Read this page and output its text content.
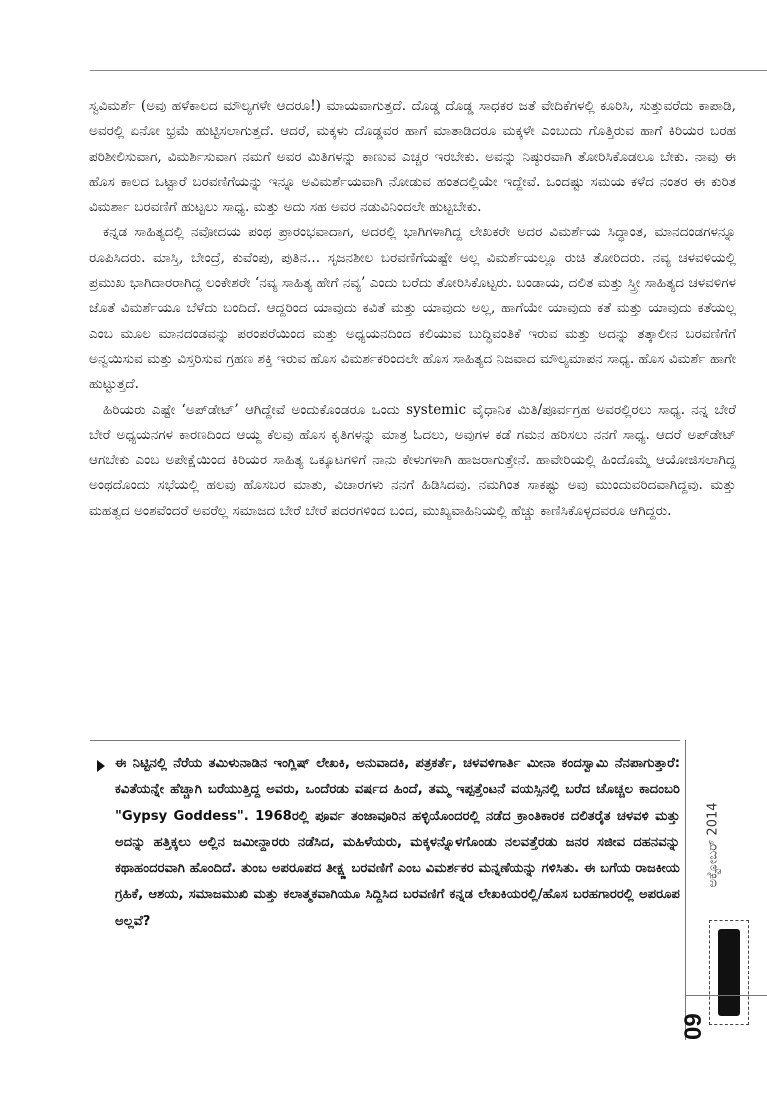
ಸ್ವವಿಮರ್ಶೆ (ಅವು ಹಳೆಕಾಲದ ಮೌಲ್ಯಗಳೇ ಆದರೂ!) ಮಾಯವಾಗುತ್ತದೆ. ದೊಡ್ಡ ದೊಡ್ಡ ಸಾಧಕರ ಜತೆ ವೇದಿಕೆಗಳಲ್ಲಿ ಕೂರಿಸಿ, ಸುತ್ತುವರೆದು ಕಾಪಾಡಿ, ಅವರಲ್ಲಿ ಏನೋ ಭ್ರಮೆ ಹುಟ್ಟಿಸಲಾಗುತ್ತದೆ. ಆದರೆ, ಮಕ್ಕಳು ದೊಡ್ಡವರ ಹಾಗೆ ಮಾತಾಡಿದರೂ ಮಕ್ಕಳೇ ಎಂಬುದು ಗೊತ್ತಿರುವ ಹಾಗೆ ಕಿರಿಯರ ಬರಹ ಪರಿಶೀಲಿಸುವಾಗ, ವಿಮರ್ಶಿಸುವಾಗ ನಮಗೆ ಅವರ ಮಿತಿಗಳನ್ನು ಕಾಣುವ ಎಚ್ಚರ ಇರಬೇಕು. ಅವನ್ನು ನಿಷ್ಠುರವಾಗಿ ತೋರಿಸಿಕೊಡಲೂ ಬೇಕು. ನಾವು ಈ ಹೊಸ ಕಾಲದ ಒಟ್ಟಾರೆ ಬರವಣಿಗೆಯನ್ನು ಇನ್ನೂ ಅವಿಮರ್ಶೆಯವಾಗಿ ನೋಡುವ ಹಂತದಲ್ಲಿಯೇ ಇದ್ದೇವೆ. ಒಂದಷ್ಟು ಸಮಯ ಕಳೆದ ನಂತರ ಈ ಕುರಿತ ವಿಮರ್ಶಾ ಬರವಣಿಗೆ ಹುಟ್ಟಲು ಸಾಧ್ಯ. ಮತ್ತು ಅದು ಸಹ ಅವರ ನಡುವಿನಿಂದಲೇ ಹುಟ್ಟಬೇಕು.

ಕನ್ನಡ ಸಾಹಿತ್ಯದಲ್ಲಿ ನವೋದಯ ಪಂಥ ಪ್ರಾರಂಭವಾದಾಗ, ಅದರಲ್ಲಿ ಭಾಗಿಗಳಾಗಿದ್ದ ಲೇಖಕರೇ ಅದರ ವಿಮರ್ಶೆಯ ಸಿದ್ಧಾಂತ, ಮಾನದಂಡಗಳನ್ನೂ ರೂಪಿಸಿದರು. ಮಾಸ್ತಿ, ಬೇಂದ್ರೆ, ಕುವೆಂಪು, ಪುತಿನ... ಸೃಜನಶೀಲ ಬರವಣಿಗೆಯಷ್ಟೇ ಅಲ್ಲ ವಿಮರ್ಶೆಯಲ್ಲೂ ರುಚಿ ತೋರಿದರು. ನವ್ಯ ಚಳವಳಿಯಲ್ಲಿ ಪ್ರಮುಖ ಭಾಗಿದಾರರಾಗಿದ್ದ ಲಂಕೇಶರೇ ‘ನವ್ಯ ಸಾಹಿತ್ಯ ಹೇಗೆ ನವ್ಯ’ ಎಂದು ಬರೆದು ತೋರಿಸಿಕೊಟ್ಟರು. ಬಂಡಾಯ, ದಲಿತ ಮತ್ತು ಸ್ತ್ರೀ ಸಾಹಿತ್ಯದ ಚಳವಳಿಗಳ ಜೊತೆ ವಿಮರ್ಶೆಯೂ ಬೆಳೆದು ಬಂದಿದೆ. ಆದ್ದರಿಂದ ಯಾವುದು ಕವಿತೆ ಮತ್ತು ಯಾವುದು ಅಲ್ಲ, ಹಾಗೆಯೇ ಯಾವುದು ಕತೆ ಮತ್ತು ಯಾವುದು ಕತೆಯಲ್ಲ ಎಂಬ ಮೂಲ ಮಾನದಂಡವನ್ನು ಪರಂಪರೆಯಿಂದ ಮತ್ತು ಅಧ್ಯಯನದಿಂದ ಕಲಿಯುವ ಬುದ್ಧಿವಂತಿಕೆ ಇರುವ ಮತ್ತು ಅದನ್ನು ತತ್ಕಾಲೀನ ಬರವಣಿಗೆಗೆ ಅನ್ವಯಿಸುವ ಮತ್ತು ವಿಸ್ತರಿಸುವ ಗ್ರಹಣ ಶಕ್ತಿ ಇರುವ ಹೊಸ ವಿಮರ್ಶಕರಿಂದಲೇ ಹೊಸ ಸಾಹಿತ್ಯದ ನಿಜವಾದ ಮೌಲ್ಯಮಾಪನ ಸಾಧ್ಯ. ಹೊಸ ವಿಮರ್ಶೆ ಹಾಗೇ ಹುಟ್ಟುತ್ತದೆ.

ಹಿರಿಯರು ಎಷ್ಟೇ ‘ಅಪ್‌ಡೇಟ್’ ಆಗಿದ್ದೇವೆ ಅಂದುಕೊಂಡರೂ ಒಂದು systemic ವೈಧಾನಿಕ ಮಿತಿ/ಪೂರ್ವಗ್ರಹ ಅವರಲ್ಲಿರಲು ಸಾಧ್ಯ. ನನ್ನ ಬೇರೆ ಬೇರೆ ಅಧ್ಯಯನಗಳ ಕಾರಣದಿಂದ ಆಯ್ದ ಕೆಲವು ಹೊಸ ಕೃತಿಗಳನ್ನು ಮಾತ್ರ ಓದಲು, ಅವುಗಳ ಕಡೆ ಗಮನ ಹರಿಸಲು ನನಗೆ ಸಾಧ್ಯ. ಆದರೆ ಅಪ್‌ಡೇಟ್ ಆಗಬೇಕು ಎಂಬ ಅಪೇಕ್ಷೆಯಿಂದ ಕಿರಿಯರ ಸಾಹಿತ್ಯ ಒಕ್ಕೂಟಗಳಿಗೆ ನಾನು ಕೇಳುಗಳಾಗಿ ಹಾಜರಾಗುತ್ತೇನೆ. ಹಾವೇರಿಯಲ್ಲಿ ಹಿಂದೊಮ್ಮೆ ಆಯೋಜಿಸಲಾಗಿದ್ದ ಅಂಥದೊಂದು ಸಭೆಯಲ್ಲಿ ಹಲವು ಹೊಸಬರ ಮಾತು, ವಿಚಾರಗಳು ನನಗೆ ಹಿಡಿಸಿದವು. ನಮಗಿಂತ ಸಾಕಷ್ಟು ಅವು ಮುಂದುವರಿದವಾಗಿದ್ದವು. ಮತ್ತು ಮಹತ್ವದ ಅಂಶವೆಂದರೆ ಅವರೆಲ್ಲ ಸಮಾಜದ ಬೇರೆ ಬೇರೆ ಪದರಗಳಿಂದ ಬಂದ, ಮುಖ್ಯವಾಹಿನಿಯಲ್ಲಿ ಹೆಚ್ಚು ಕಾಣಿಸಿಕೊಳ್ಳದವರೂ ಆಗಿದ್ದರು.

ಈ ನಿಟ್ಟಿನಲ್ಲಿ ನೆರೆಯ ತಮಿಳುನಾಡಿನ ಇಂಗ್ಲಿಷ್ ಲೇಖಕಿ, ಅನುವಾದಕಿ, ಪತ್ರಕರ್ತೆ, ಚಳವಳಿಗಾರ್ತಿ ಮೀನಾ ಕಂದಸ್ವಾಮಿ ನೆನಪಾಗುತ್ತಾರೆ: ಕವಿತೆಯನ್ನೇ ಹೆಚ್ಚಾಗಿ ಬರೆಯುತ್ತಿದ್ದ ಅವರು, ಒಂದೆರಡು ವರ್ಷದ ಹಿಂದೆ, ತಮ್ಮ ಇಪ್ಪತ್ತೆಂಟನೆ ವಯಸ್ಸಿನಲ್ಲಿ ಬರೆದ ಚೊಚ್ಚಲ ಕಾದಂಬರಿ "Gypsy Goddess". 1968ರಲ್ಲಿ ಪೂರ್ವ ತಂಜಾವೂರಿನ ಹಳ್ಳಿಯೊಂದರಲ್ಲಿ ನಡೆದ ಕ್ರಾಂತಿಕಾರಕ ದಲಿತರೈತ ಚಳವಳಿ ಮತ್ತು ಅದನ್ನು ಹತ್ತಿಕ್ಕಲು ಅಲ್ಲಿನ ಜಮೀನ್ದಾರರು ನಡೆಸಿದ, ಮಹಿಳೆಯರು, ಮಕ್ಕಳನ್ನೊಳಗೊಂಡು ನಲವತ್ತೆರಡು ಜನರ ಸಜೀವ ದಹನವನ್ನು ಕಥಾಹಂದರವಾಗಿ ಹೊಂದಿದೆ. ತುಂಬ ಅಪರೂಪದ ತೀಕ್ಷ್ಣ ಬರವಣಿಗೆ ಎಂಬ ವಿಮರ್ಶಕರ ಮನ್ನಣೆಯನ್ನು ಗಳಿಸಿತು. ಈ ಬಗೆಯ ರಾಜಕೀಯ ಗ್ರಹಿಕೆ, ಆಶಯ, ಸಮಾಜಮುಖಿ ಮತ್ತು ಕಲಾತ್ಮಕವಾಗಿಯೂ ಸಿದ್ದಿಸಿದ ಬರವಣಿಗೆ ಕನ್ನಡ ಲೇಖಕಿಯರಲ್ಲಿ/ಹೊಸ ಬರಹಗಾರರಲ್ಲಿ ಅಪರೂಪ ಅಲ್ಲವೆ?

ಅಕ್ಟೋಬರ್ 2014
09
